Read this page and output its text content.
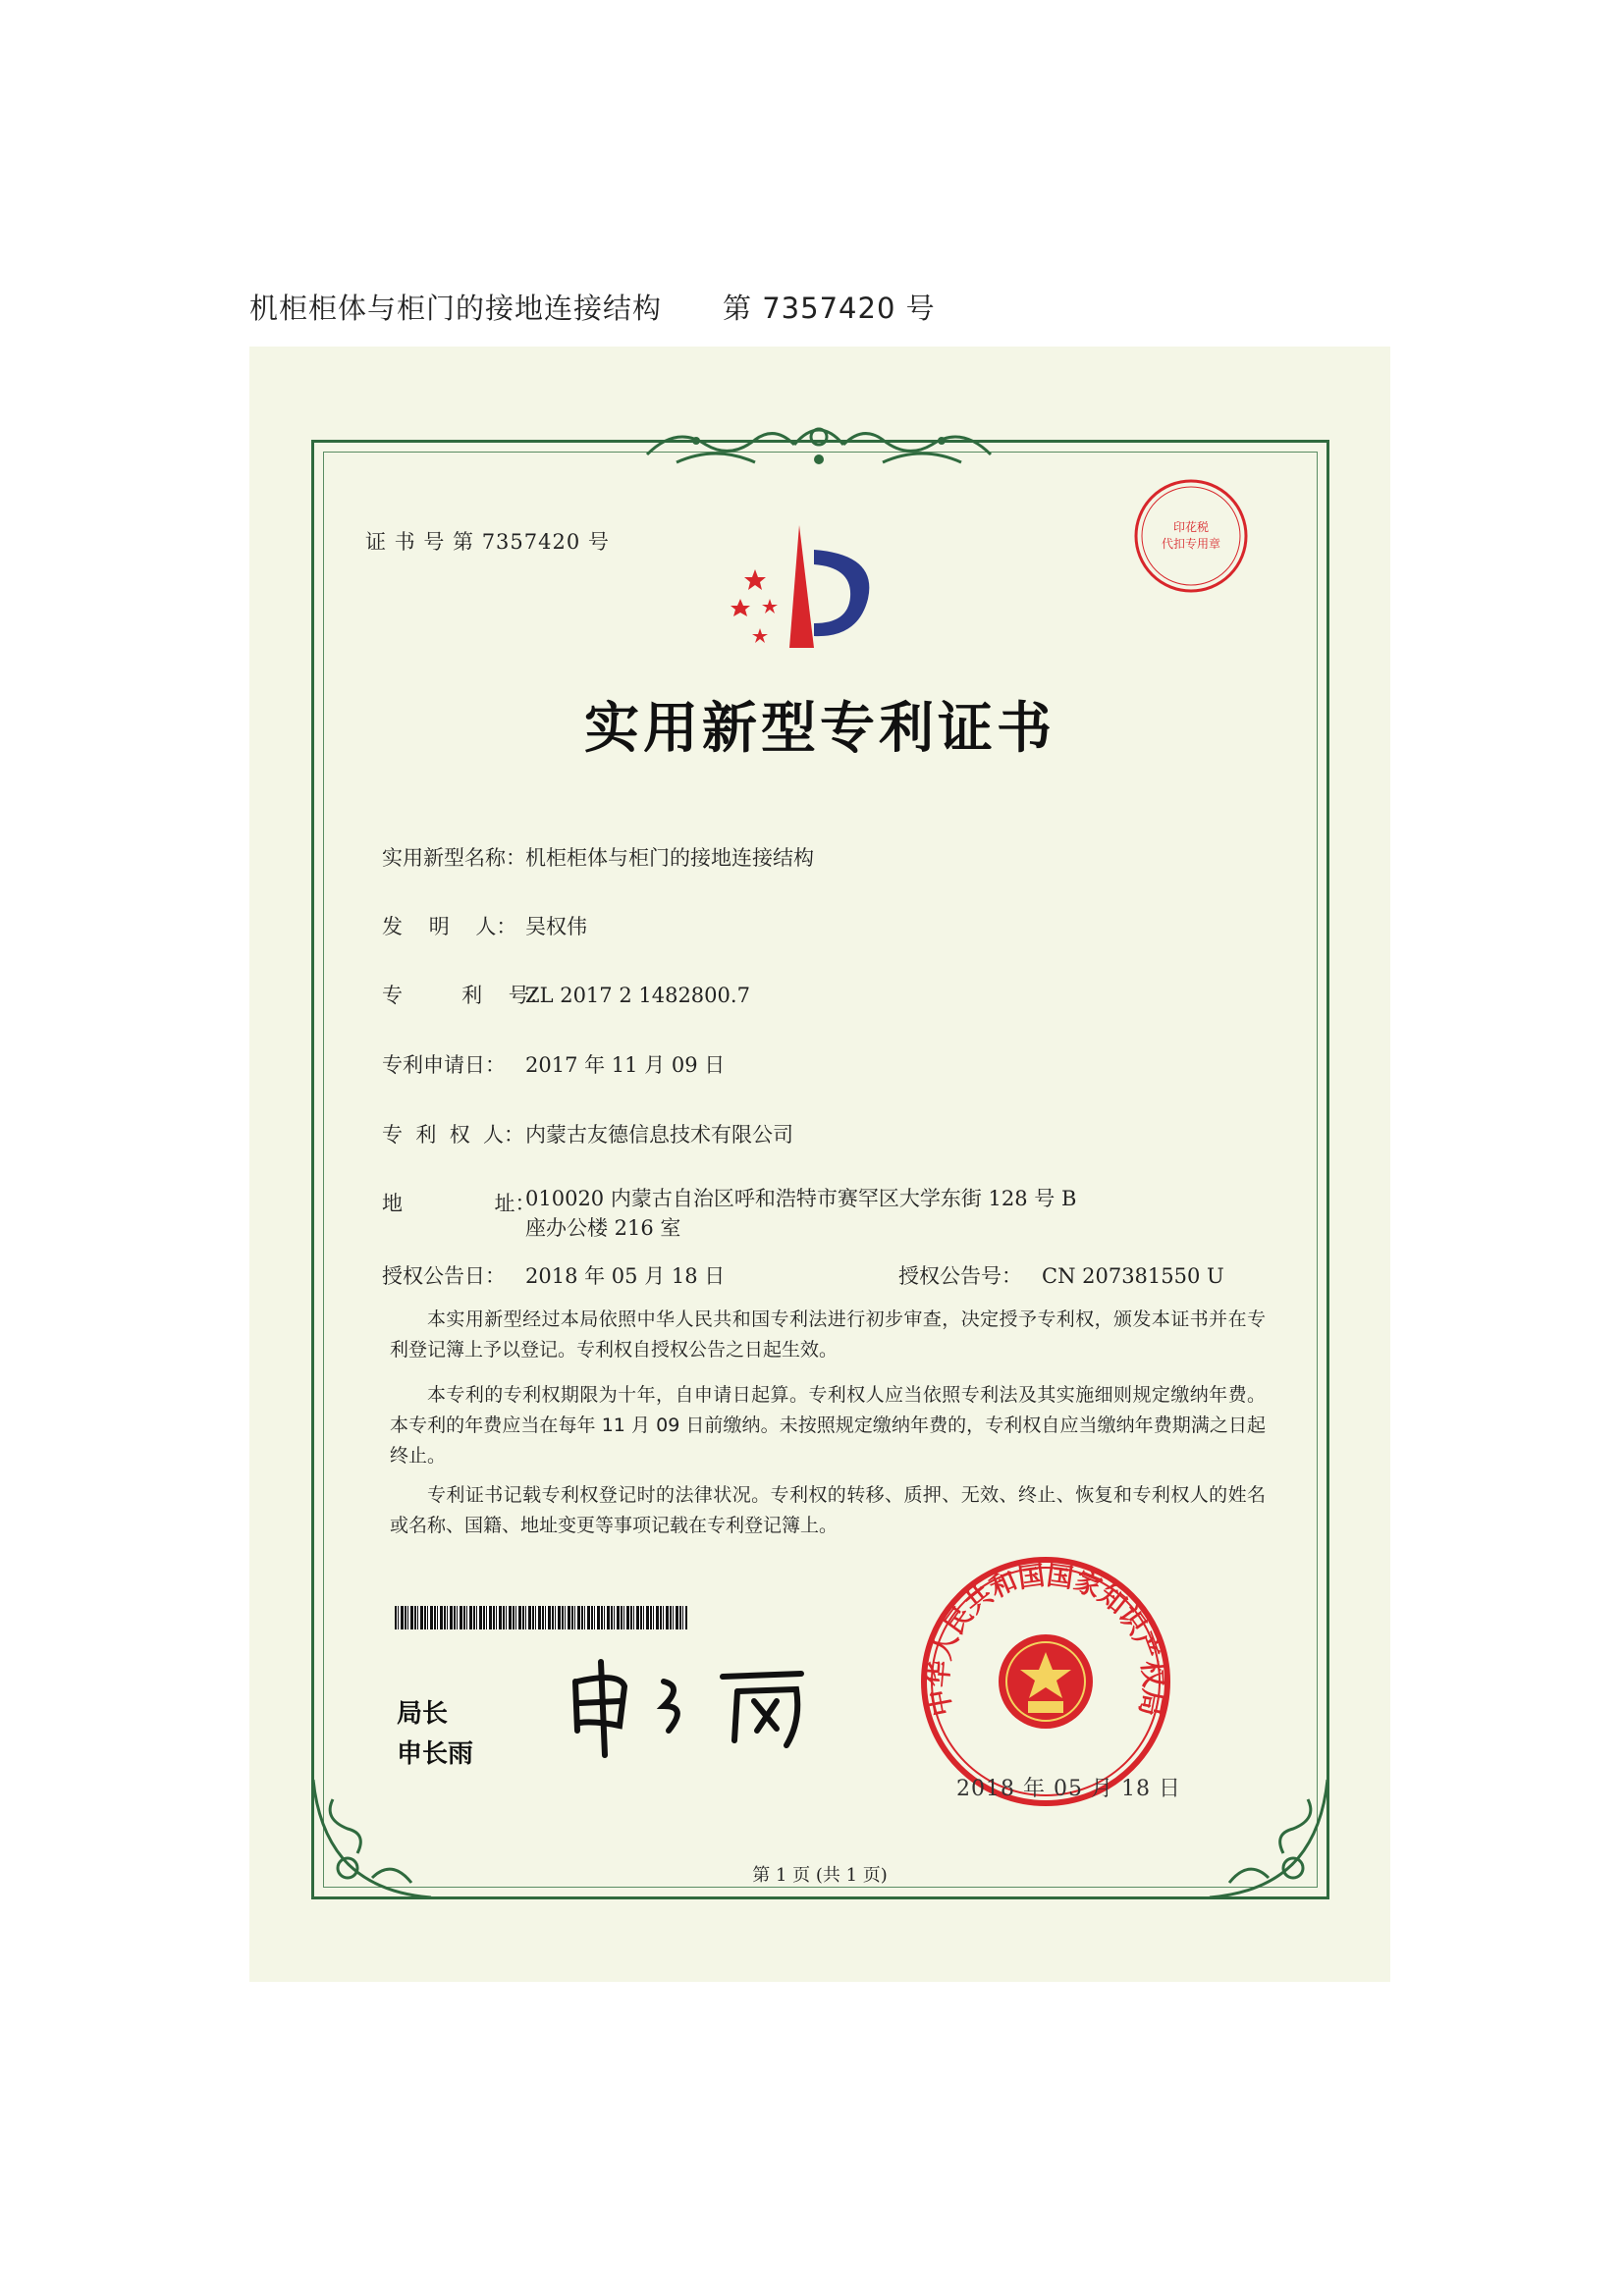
机柜柜体与柜门的接地连接结构 第 7357420 号
证 书 号 第 7357420 号
印花税
代扣专用章
实用新型专利证书
实用新型名称：机柜柜体与柜门的接地连接结构
发    明    人： 吴权伟
专         利    号：ZL 2017 2 1482800.7
专利申请日： 2017 年 11 月 09 日
专  利  权  人：内蒙古友德信息技术有限公司
地              址：010020 内蒙古自治区呼和浩特市赛罕区大学东街 128 号 B 座办公楼 216 室
授权公告日： 2018 年 05 月 18 日	授权公告号： CN 207381550 U
本实用新型经过本局依照中华人民共和国专利法进行初步审查，决定授予专利权，颁发本证书并在专利登记簿上予以登记。专利权自授权公告之日起生效。
本专利的专利权期限为十年，自申请日起算。专利权人应当依照专利法及其实施细则规定缴纳年费。本专利的年费应当在每年 11 月 09 日前缴纳。未按照规定缴纳年费的，专利权自应当缴纳年费期满之日起终止。
专利证书记载专利权登记时的法律状况。专利权的转移、质押、无效、终止、恢复和专利权人的姓名或名称、国籍、地址变更等事项记载在专利登记簿上。
局长
申长雨
中华人民共和国国家知识产权局
2018 年 05 月 18 日
第 1 页 (共 1 页)
